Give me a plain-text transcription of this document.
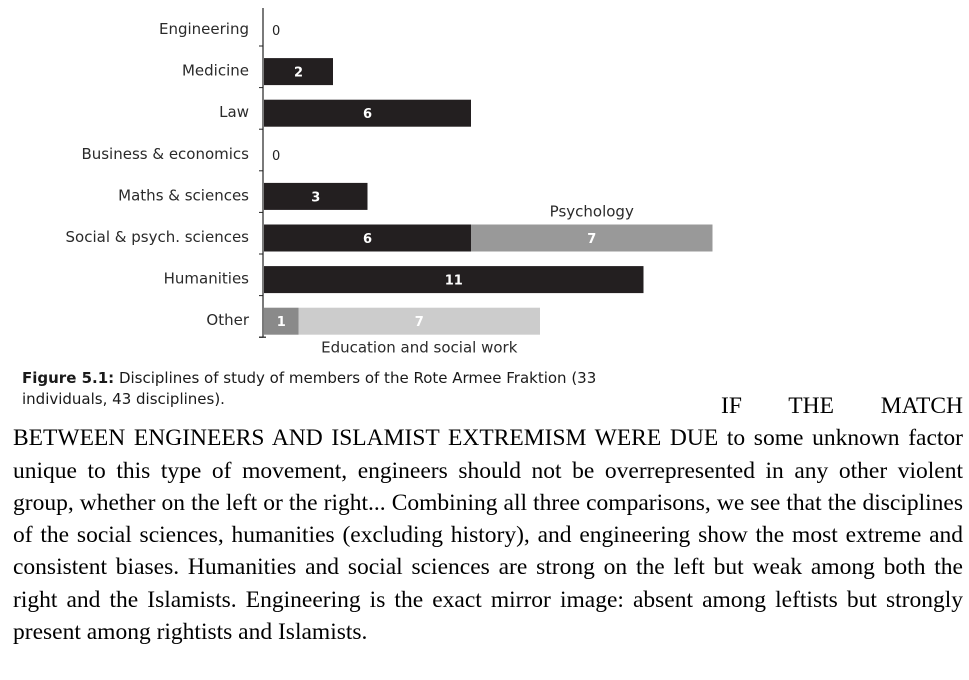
Engineering 0
Medicine	2
Law	6
Business & economics 0
Maths & sciences	3
Social & psych. sciences	6	7
Psychology
Humanities	11
Other 1	7
Education and social work
Figure 5.1: Disciplines of study of members of the Rote Armee Fraktion (33 individuals, 43 disciplines).	IF THE MATCH BETWEEN ENGINEERS AND ISLAMIST EXTREMISM WERE DUE to some unknown factor unique to this type of movement, engineers should not be overrepresented in any other violent group, whether on the left or the right... Combining all three comparisons, we see that the disciplines of the social sciences, humanities (excluding history), and engineering show the most extreme and consistent biases. Humanities and social sciences are strong on the left but weak among both the right and the Islamists. Engineering is the exact mirror image: absent among leftists but strongly present among rightists and Islamists.
